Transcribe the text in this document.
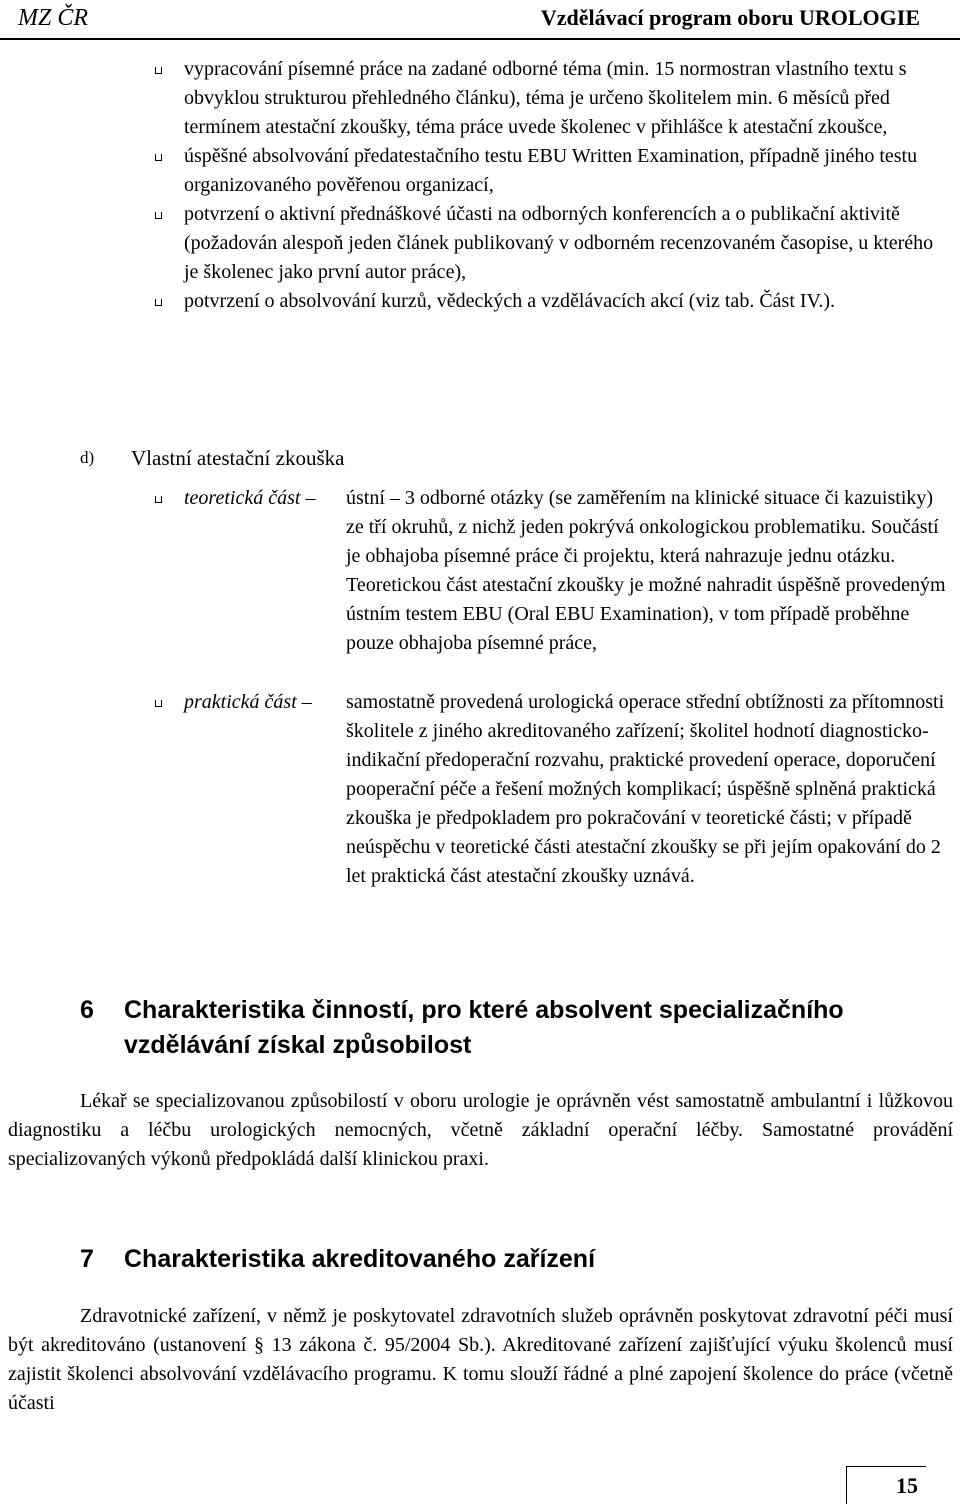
MZ ČR	Vzdělávací program oboru UROLOGIE
vypracování písemné práce na zadané odborné téma (min. 15 normostran vlastního textu s obvyklou strukturou přehledného článku), téma je určeno školitelem min. 6 měsíců před termínem atestační zkoušky, téma práce uvede školenec v přihlášce k atestační zkoušce,
úspěšné absolvování předatestačního testu EBU Written Examination, případně jiného testu organizovaného pověřenou organizací,
potvrzení o aktivní přednáškové účasti na odborných konferencích a o publikační aktivitě (požadován alespoň jeden článek publikovaný v odborném recenzovaném časopise, u kterého je školenec jako první autor práce),
potvrzení o absolvování kurzů, vědeckých a vzdělávacích akcí (viz tab. Část IV.).
d) Vlastní atestační zkouška
teoretická část – ústní – 3 odborné otázky (se zaměřením na klinické situace či kazuistiky) ze tří okruhů, z nichž jeden pokrývá onkologickou problematiku. Součástí je obhajoba písemné práce či projektu, která nahrazuje jednu otázku. Teoretickou část atestační zkoušky je možné nahradit úspěšně provedeným ústním testem EBU (Oral EBU Examination), v tom případě proběhne pouze obhajoba písemné práce,
praktická část – samostatně provedená urologická operace střední obtížnosti za přítomnosti školitele z jiného akreditovaného zařízení; školitel hodnotí diagnosticko-indikační předoperační rozvahu, praktické provedení operace, doporučení pooperační péče a řešení možných komplikací; úspěšně splněná praktická zkouška je předpokladem pro pokračování v teoretické části; v případě neúspěchu v teoretické části atestační zkoušky se při jejím opakování do 2 let praktická část atestační zkoušky uznává.
6 Charakteristika činností, pro které absolvent specializačního vzdělávání získal způsobilost
Lékař se specializovanou způsobilostí v oboru urologie je oprávněn vést samostatně ambulantní i lůžkovou diagnostiku a léčbu urologických nemocných, včetně základní operační léčby. Samostatné provádění specializovaných výkonů předpokládá další klinickou praxi.
7 Charakteristika akreditovaného zařízení
Zdravotnické zařízení, v němž je poskytovatel zdravotních služeb oprávněn poskytovat zdravotní péči musí být akreditováno (ustanovení § 13 zákona č. 95/2004 Sb.). Akreditované zařízení zajišťující výuku školenců musí zajistit školenci absolvování vzdělávacího programu. K tomu slouží řádné a plné zapojení školence do práce (včetně účasti
15
